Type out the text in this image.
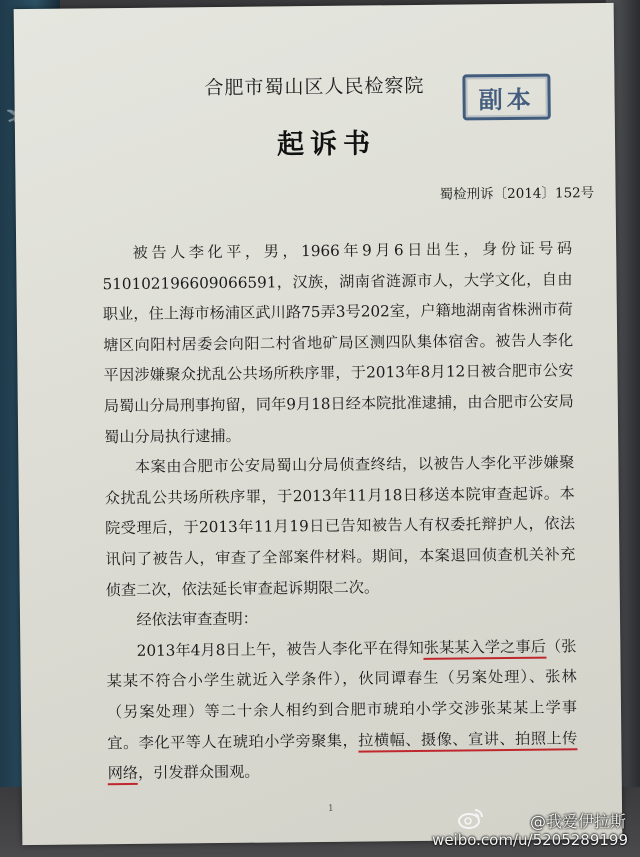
合肥市蜀山区人民检察院	副本
起诉书
蜀检刑诉〔2014〕152号

被告人李化平，男，1966年9月6日出生，身份证号码510102196609066591，汉族，湖南省涟源市人，大学文化，自由职业，住上海市杨浦区武川路75弄3号202室，户籍地湖南省株洲市荷塘区向阳村居委会向阳二村省地矿局区测四队集体宿舍。被告人李化平因涉嫌聚众扰乱公共场所秩序罪，于2013年8月12日被合肥市公安局蜀山分局刑事拘留，同年9月18日经本院批准逮捕，由合肥市公安局蜀山分局执行逮捕。

本案由合肥市公安局蜀山分局侦查终结，以被告人李化平涉嫌聚众扰乱公共场所秩序罪，于2013年11月18日移送本院审查起诉。本院受理后，于2013年11月19日已告知被告人有权委托辩护人，依法讯问了被告人，审查了全部案件材料。期间，本案退回侦查机关补充侦查二次，依法延长审查起诉期限二次。

经依法审查查明：

2013年4月8日上午，被告人李化平在得知张某某入学之事后（张某某不符合小学生就近入学条件），伙同谭春生（另案处理）、张林（另案处理）等二十余人相约到合肥市琥珀小学交涉张某某上学事宜。李化平等人在琥珀小学旁聚集，拉横幅、摄像、宣讲、拍照上传网络，引发群众围观。

1
@我爱伊拉斯
weibo.com/u/5205289199
